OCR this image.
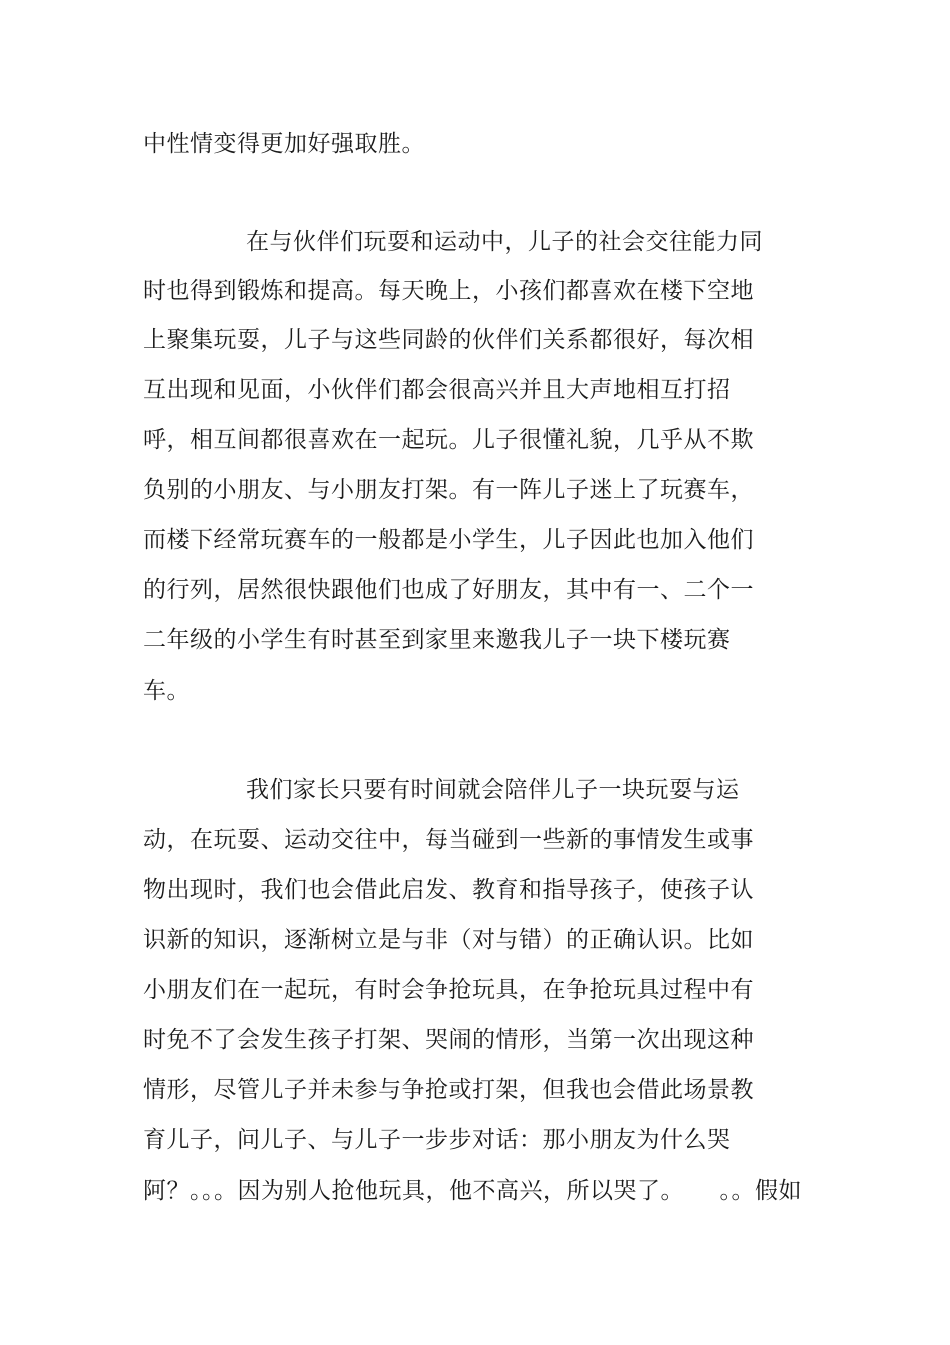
中性情变得更加好强取胜。
在与伙伴们玩耍和运动中，儿子的社会交往能力同
时也得到锻炼和提高。每天晚上，小孩们都喜欢在楼下空地
上聚集玩耍，儿子与这些同龄的伙伴们关系都很好，每次相
互出现和见面，小伙伴们都会很高兴并且大声地相互打招
呼，相互间都很喜欢在一起玩。儿子很懂礼貌，几乎从不欺
负别的小朋友、与小朋友打架。有一阵儿子迷上了玩赛车，
而楼下经常玩赛车的一般都是小学生，儿子因此也加入他们
的行列，居然很快跟他们也成了好朋友，其中有一、二个一
二年级的小学生有时甚至到家里来邀我儿子一块下楼玩赛
车。
我们家长只要有时间就会陪伴儿子一块玩耍与运
动，在玩耍、运动交往中，每当碰到一些新的事情发生或事
物出现时，我们也会借此启发、教育和指导孩子，使孩子认
识新的知识，逐渐树立是与非（对与错）的正确认识。比如
小朋友们在一起玩，有时会争抢玩具，在争抢玩具过程中有
时免不了会发生孩子打架、哭闹的情形，当第一次出现这种
情形，尽管儿子并未参与争抢或打架，但我也会借此场景教
育儿子，问儿子、与儿子一步步对话：那小朋友为什么哭
阿？。。。因为别人抢他玩具，他不高兴，所以哭了。　　。。假如
